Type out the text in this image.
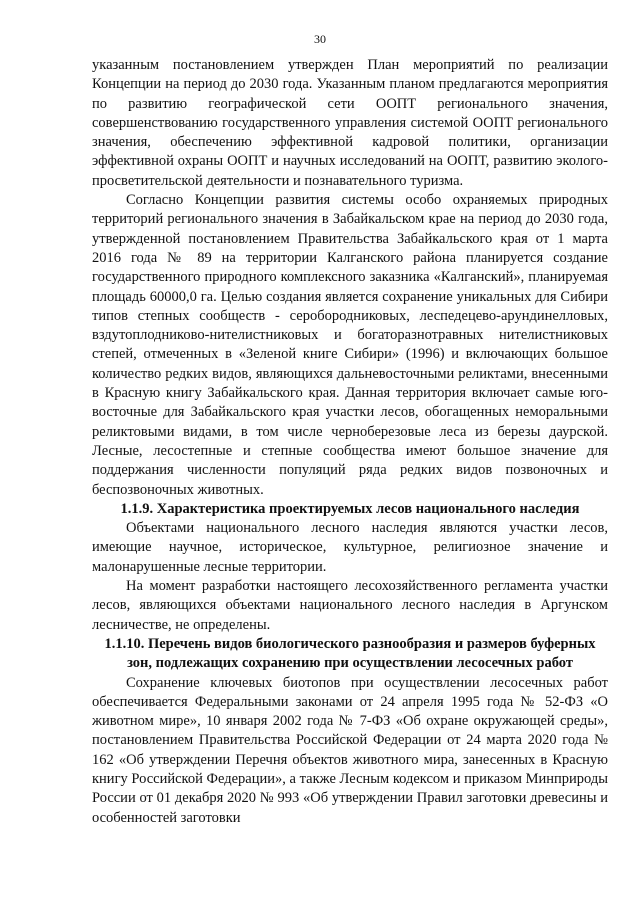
30

указанным постановлением утвержден План мероприятий по реализации Концепции на период до 2030 года. Указанным планом предлагаются мероприятия по развитию географической сети ООПТ регионального значения, совершенствованию государственного управления системой ООПТ регионального значения, обеспечению эффективной кадровой политики, организации эффективной охраны ООПТ и научных исследований на ООПТ, развитию эколого-просветительской деятельности и познавательного туризма.

Согласно Концепции развития системы особо охраняемых природных территорий регионального значения в Забайкальском крае на период до 2030 года, утвержденной постановлением Правительства Забайкальского края от 1 марта 2016 года № 89 на территории Калганского района планируется создание государственного природного комплексного заказника «Калганский», планируемая площадь 60000,0 га. Целью создания является сохранение уникальных для Сибири типов степных сообществ - серобородниковых, леспедецево-арундинелловых, вздутоплодниково-нителистниковых и богаторазнотравных нителистниковых степей, отмеченных в «Зеленой книге Сибири» (1996) и включающих большое количество редких видов, являющихся дальневосточными реликтами, внесенными в Красную книгу Забайкальского края. Данная территория включает самые юго-восточные для Забайкальского края участки лесов, обогащенных неморальными реликтовыми видами, в том числе черноберезовые леса из березы даурской. Лесные, лесостепные и степные сообщества имеют большое значение для поддержания численности популяций ряда редких видов позвоночных и беспозвоночных животных.

1.1.9. Характеристика проектируемых лесов национального наследия

Объектами национального лесного наследия являются участки лесов, имеющие научное, историческое, культурное, религиозное значение и малонарушенные лесные территории.

На момент разработки настоящего лесохозяйственного регламента участки лесов, являющихся объектами национального лесного наследия в Аргунском лесничестве, не определены.

1.1.10. Перечень видов биологического разнообразия и размеров буферных зон, подлежащих сохранению при осуществлении лесосечных работ

Сохранение ключевых биотопов при осуществлении лесосечных работ обеспечивается Федеральными законами от 24 апреля 1995 года № 52-ФЗ «О животном мире», 10 января 2002 года № 7-ФЗ «Об охране окружающей среды», постановлением Правительства Российской Федерации от 24 марта 2020 года № 162 «Об утверждении Перечня объектов животного мира, занесенных в Красную книгу Российской Федерации», а также Лесным кодексом и приказом Минприроды России от 01 декабря 2020 № 993 «Об утверждении Правил заготовки древесины и особенностей заготовки
